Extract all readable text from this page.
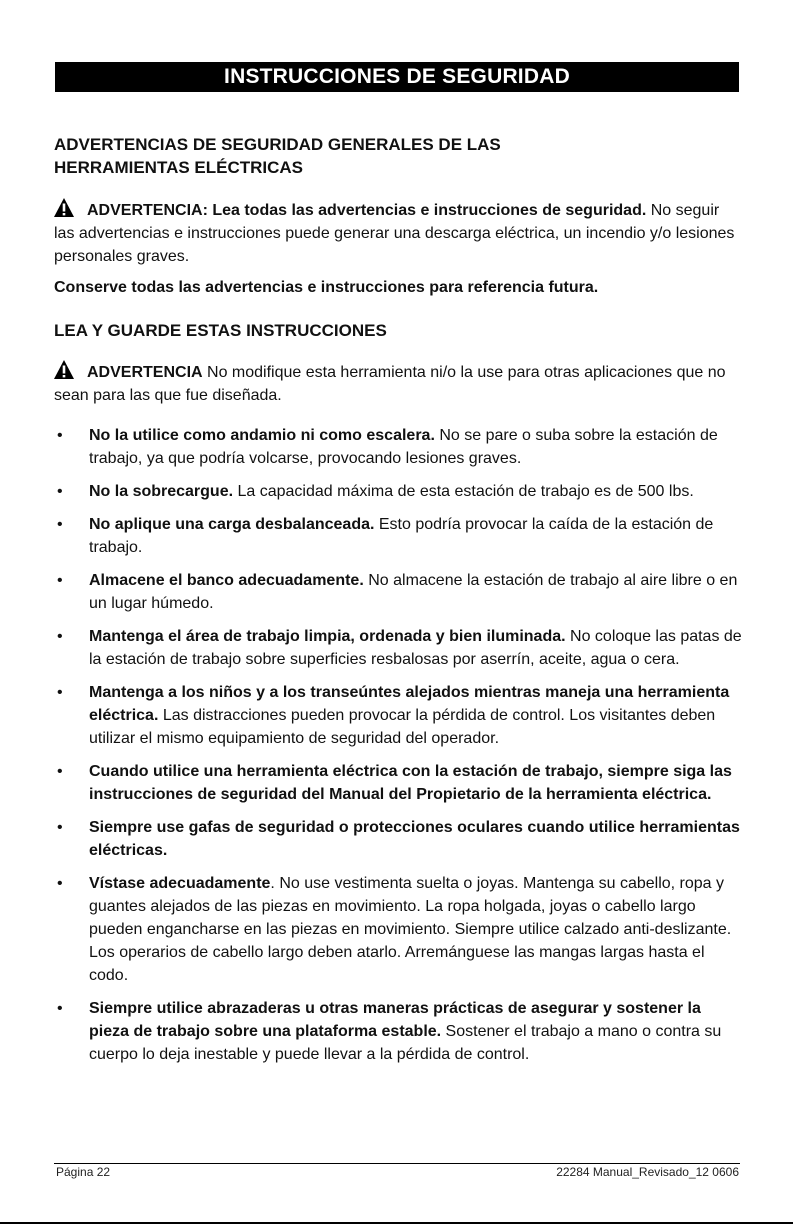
INSTRUCCIONES DE SEGURIDAD

ADVERTENCIAS DE SEGURIDAD GENERALES DE LAS

HERRAMIENTAS ELÉCTRICAS

ADVERTENCIA: Lea todas las advertencias e instrucciones de seguridad. No seguir las advertencias e instrucciones puede generar una descarga eléctrica, un incendio y/o lesiones personales graves.

Conserve todas las advertencias e instrucciones para referencia futura.

LEA Y GUARDE ESTAS INSTRUCCIONES

ADVERTENCIA No modifique esta herramienta ni/o la use para otras aplicaciones que no sean para las que fue diseñada.

• No la utilice como andamio ni como escalera. No se pare o suba sobre la estación de trabajo, ya que podría volcarse, provocando lesiones graves.
• No la sobrecargue. La capacidad máxima de esta estación de trabajo es de 500 lbs.
• No aplique una carga desbalanceada. Esto podría provocar la caída de la estación de trabajo.
• Almacene el banco adecuadamente. No almacene la estación de trabajo al aire libre o en un lugar húmedo.
• Mantenga el área de trabajo limpia, ordenada y bien iluminada. No coloque las patas de la estación de trabajo sobre superficies resbalosas por aserrín, aceite, agua o cera.
• Mantenga a los niños y a los transeúntes alejados mientras maneja una herramienta eléctrica. Las distracciones pueden provocar la pérdida de control. Los visitantes deben utilizar el mismo equipamiento de seguridad del operador.
• Cuando utilice una herramienta eléctrica con la estación de trabajo, siempre siga las instrucciones de seguridad del Manual del Propietario de la herramienta eléctrica.
• Siempre use gafas de seguridad o protecciones oculares cuando utilice herramientas eléctricas.
• Vístase adecuadamente. No use vestimenta suelta o joyas. Mantenga su cabello, ropa y guantes alejados de las piezas en movimiento. La ropa holgada, joyas o cabello largo pueden engancharse en las piezas en movimiento. Siempre utilice calzado anti-deslizante. Los operarios de cabello largo deben atarlo. Arremánguese las mangas largas hasta el codo.
• Siempre utilice abrazaderas u otras maneras prácticas de asegurar y sostener la pieza de trabajo sobre una plataforma estable. Sostener el trabajo a mano o contra su cuerpo lo deja inestable y puede llevar a la pérdida de control.
Página 22	22284 Manual_Revisado_12 0606
